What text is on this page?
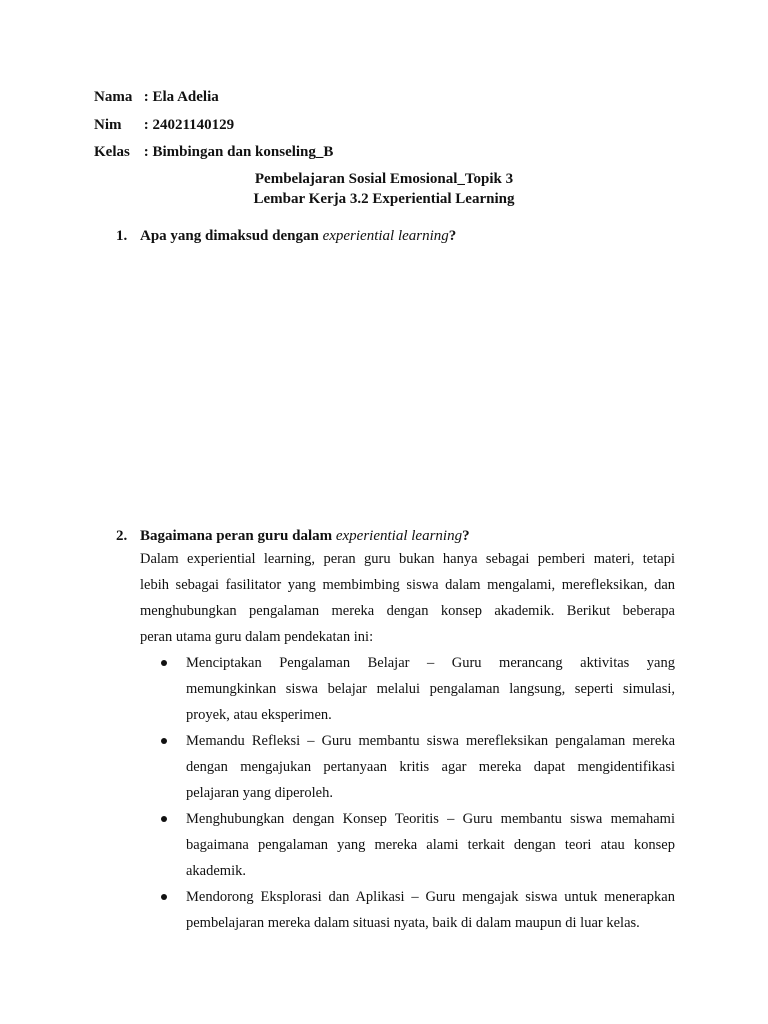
Nama : Ela Adelia
Nim : 24021140129
Kelas : Bimbingan dan konseling_B
Pembelajaran Sosial Emosional_Topik 3
Lembar Kerja 3.2 Experiential Learning
1. Apa yang dimaksud dengan experiential learning?
2. Bagaimana peran guru dalam experiential learning?
Dalam experiential learning, peran guru bukan hanya sebagai pemberi materi, tetapi
lebih sebagai fasilitator yang membimbing siswa dalam mengalami, merefleksikan, dan
menghubungkan pengalaman mereka dengan konsep akademik. Berikut beberapa
peran utama guru dalam pendekatan ini:
Menciptakan Pengalaman Belajar – Guru merancang aktivitas yang
memungkinkan siswa belajar melalui pengalaman langsung, seperti simulasi,
proyek, atau eksperimen.
Memandu Refleksi – Guru membantu siswa merefleksikan pengalaman mereka
dengan mengajukan pertanyaan kritis agar mereka dapat mengidentifikasi
pelajaran yang diperoleh.
Menghubungkan dengan Konsep Teoritis – Guru membantu siswa memahami
bagaimana pengalaman yang mereka alami terkait dengan teori atau konsep
akademik.
Mendorong Eksplorasi dan Aplikasi – Guru mengajak siswa untuk menerapkan
pembelajaran mereka dalam situasi nyata, baik di dalam maupun di luar kelas.
